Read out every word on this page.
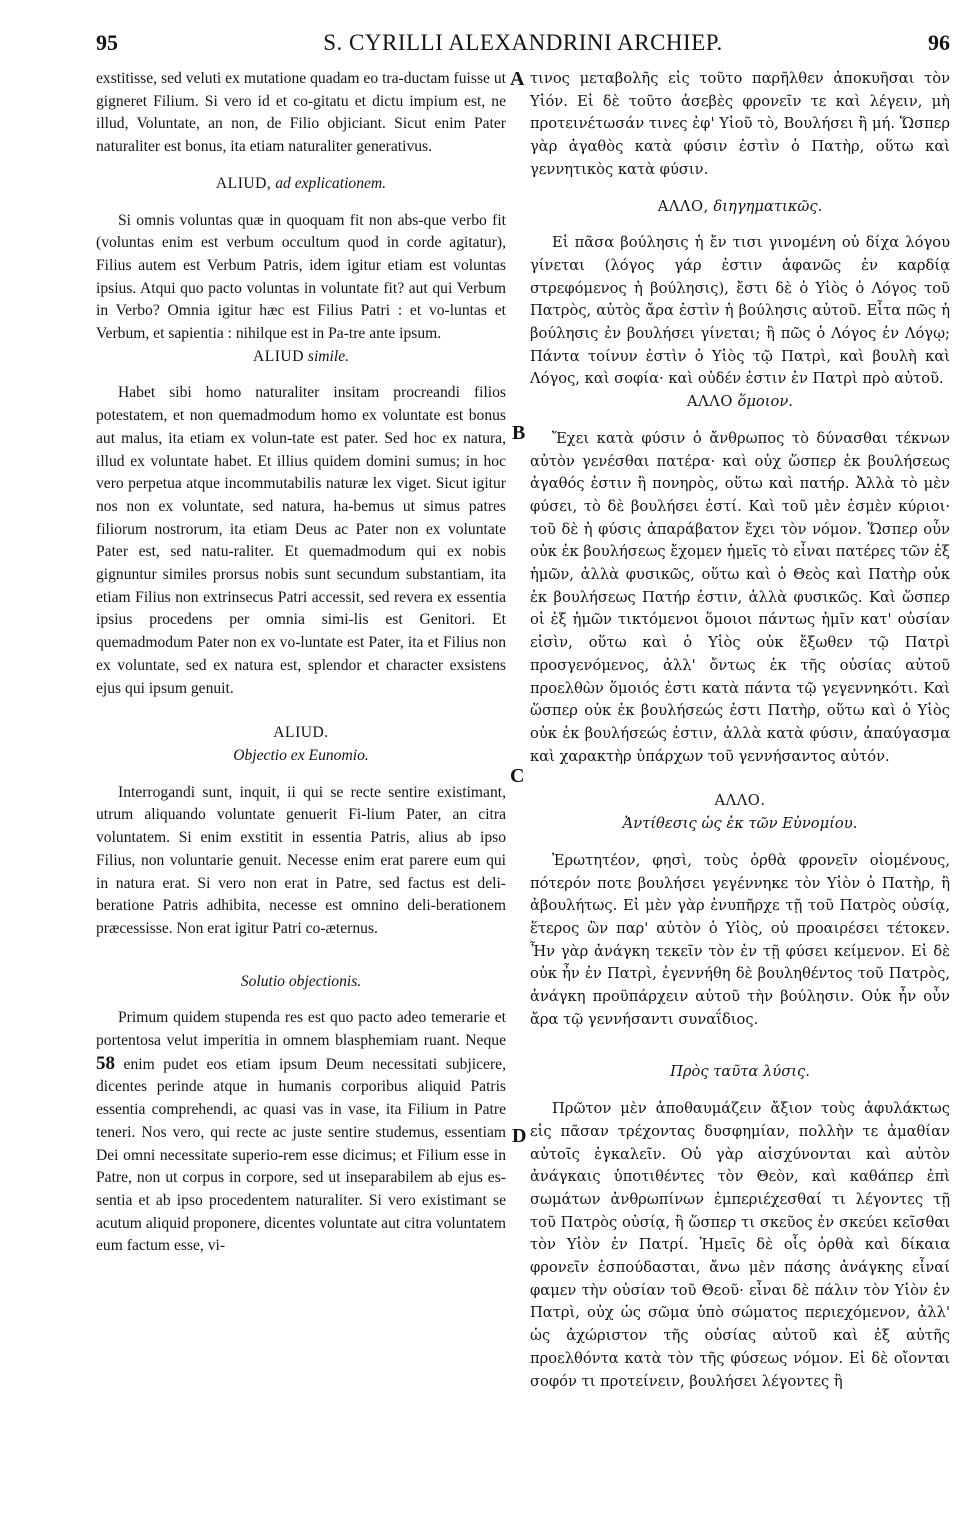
95	S. CYRILLI ALEXANDRINI ARCHIEP.	96
A
B
C
D

exstitisse, sed veluti ex mutatione quadam eo tra-ductam fuisse ut gigneret Filium. Si vero id et co-gitatu et dictu impium est, ne illud, Voluntate, an non, de Filio objiciant. Sicut enim Pater naturaliter est bonus, ita etiam naturaliter generativus.

ALIUD, ad explicationem.

Si omnis voluntas quæ in quoquam fit non abs-que verbo fit (voluntas enim est verbum occultum quod in corde agitatur), Filius autem est Verbum Patris, idem igitur etiam est voluntas ipsius. Atqui quo pacto voluntas in voluntate fit? aut qui Verbum in Verbo? Omnia igitur hæc est Filius Patri : et vo-luntas et Verbum, et sapientia : nihilque est in Pa-tre ante ipsum.

ALIUD simile.

Habet sibi homo naturaliter insitam procreandi filios potestatem, et non quemadmodum homo ex voluntate est bonus aut malus, ita etiam ex volun-tate est pater. Sed hoc ex natura, illud ex voluntate habet. Et illius quidem domini sumus; in hoc vero perpetua atque incommutabilis naturæ lex viget. Sicut igitur nos non ex voluntate, sed natura, ha-bemus ut simus patres filiorum nostrorum, ita etiam Deus ac Pater non ex voluntate Pater est, sed natu-raliter. Et quemadmodum qui ex nobis gignuntur similes prorsus nobis sunt secundum substantiam, ita etiam Filius non extrinsecus Patri accessit, sed revera ex essentia ipsius procedens per omnia simi-lis est Genitori. Et quemadmodum Pater non ex vo-luntate est Pater, ita et Filius non ex voluntate, sed ex natura est, splendor et character exsistens ejus qui ipsum genuit.

ALIUD.
Objectio ex Eunomio.

Interrogandi sunt, inquit, ii qui se recte sentire existimant, utrum aliquando voluntate genuerit Fi-lium Pater, an citra voluntatem. Si enim exstitit in essentia Patris, alius ab ipso Filius, non voluntarie genuit. Necesse enim erat parere eum qui in natura erat. Si vero non erat in Patre, sed factus est deli-beratione Patris adhibita, necesse est omnino deli-berationem præcessisse. Non erat igitur Patri co-æternus.

Solutio objectionis.

Primum quidem stupenda res est quo pacto adeo temerarie et portentosa velut imperitia in omnem blasphemiam ruant. Neque 58 enim pudet eos etiam ipsum Deum necessitati subjicere, dicentes perinde atque in humanis corporibus aliquid Patris essentia comprehendi, ac quasi vas in vase, ita Filium in Patre teneri. Nos vero, qui recte ac juste sentire studemus, essentiam Dei omni necessitate superio-rem esse dicimus; et Filium esse in Patre, non ut corpus in corpore, sed ut inseparabilem ab ejus es-sentia et ab ipso procedentem naturaliter. Si vero existimant se acutum aliquid proponere, dicentes voluntate aut citra voluntatem eum factum esse, vi-

τινος μεταβολῆς εἰς τοῦτο παρῆλθεν ἀποκυῆσαι τὸν Υἱόν. Εἰ δὲ τοῦτο ἀσεβὲς φρονεῖν τε καὶ λέγειν, μὴ προτεινέτωσάν τινες ἐφ' Υἱοῦ τὸ, Βουλήσει ἢ μή. Ὥσπερ γὰρ ἀγαθὸς κατὰ φύσιν ἐστὶν ὁ Πατὴρ, οὕτω καὶ γεννητικὸς κατὰ φύσιν.

ΑΛΛΟ, διηγηματικῶς.

Εἰ πᾶσα βούλησις ἡ ἔν τισι γινομένη οὐ δίχα λόγου γίνεται (λόγος γάρ ἐστιν ἀφανῶς ἐν καρδίᾳ στρεφόμενος ἡ βούλησις), ἔστι δὲ ὁ Υἱὸς ὁ Λόγος τοῦ Πατρὸς, αὐτὸς ἄρα ἐστὶν ἡ βούλησις αὐτοῦ. Εἶτα πῶς ἡ βούλησις ἐν βουλήσει γίνεται; ἢ πῶς ὁ Λόγος ἐν Λόγῳ; Πάντα τοίνυν ἐστὶν ὁ Υἱὸς τῷ Πατρὶ, καὶ βουλὴ καὶ Λόγος, καὶ σοφία· καὶ οὐδέν ἐστιν ἐν Πατρὶ πρὸ αὐτοῦ.

ΑΛΛΟ ὅμοιον.

Ἔχει κατὰ φύσιν ὁ ἄνθρωπος τὸ δύνασθαι τέκνων αὐτὸν γενέσθαι πατέρα· καὶ οὐχ ὥσπερ ἐκ βουλήσεως ἀγαθός ἐστιν ἢ πονηρὸς, οὕτω καὶ πατήρ. Ἀλλὰ τὸ μὲν φύσει, τὸ δὲ βουλήσει ἐστί. Καὶ τοῦ μὲν ἐσμὲν κύριοι· τοῦ δὲ ἡ φύσις ἀπαράβατον ἔχει τὸν νόμον. Ὥσπερ οὖν οὐκ ἐκ βουλήσεως ἔχομεν ἡμεῖς τὸ εἶναι πατέρες τῶν ἐξ ἡμῶν, ἀλλὰ φυσικῶς, οὕτω καὶ ὁ Θεὸς καὶ Πατὴρ οὐκ ἐκ βουλήσεως Πατήρ ἐστιν, ἀλλὰ φυσικῶς. Καὶ ὥσπερ οἱ ἐξ ἡμῶν τικτόμενοι ὅμοιοι πάντως ἡμῖν κατ' οὐσίαν εἰσὶν, οὕτω καὶ ὁ Υἱὸς οὐκ ἔξωθεν τῷ Πατρὶ προσγενόμενος, ἀλλ' ὄντως ἐκ τῆς οὐσίας αὐτοῦ προελθὼν ὅμοιός ἐστι κατὰ πάντα τῷ γεγεννηκότι. Καὶ ὥσπερ οὐκ ἐκ βουλήσεώς ἐστι Πατὴρ, οὕτω καὶ ὁ Υἱὸς οὐκ ἐκ βουλήσεώς ἐστιν, ἀλλὰ κατὰ φύσιν, ἀπαύγασμα καὶ χαρακτὴρ ὑπάρχων τοῦ γεννήσαντος αὐτόν.

ΑΛΛΟ.
Ἀντίθεσις ὡς ἐκ τῶν Εὐνομίου.

Ἐρωτητέον, φησὶ, τοὺς ὀρθὰ φρονεῖν οἰομένους, πότερόν ποτε βουλήσει γεγέννηκε τὸν Υἱὸν ὁ Πατὴρ, ἢ ἀβουλήτως. Εἰ μὲν γὰρ ἐνυπῆρχε τῇ τοῦ Πατρὸς οὐσίᾳ, ἕτερος ὢν παρ' αὐτὸν ὁ Υἱὸς, οὐ προαιρέσει τέτοκεν. Ἦν γὰρ ἀνάγκη τεκεῖν τὸν ἐν τῇ φύσει κείμενον. Εἰ δὲ οὐκ ἦν ἐν Πατρὶ, ἐγεννήθη δὲ βουληθέντος τοῦ Πατρὸς, ἀνάγκη προϋπάρχειν αὐτοῦ τὴν βούλησιν. Οὐκ ἦν οὖν ἄρα τῷ γεννήσαντι συναΐδιος.

Πρὸς ταῦτα λύσις.

Πρῶτον μὲν ἀποθαυμάζειν ἄξιον τοὺς ἀφυλάκτως εἰς πᾶσαν τρέχοντας δυσφημίαν, πολλὴν τε ἀμαθίαν αὐτοῖς ἐγκαλεῖν. Οὐ γὰρ αἰσχύνονται καὶ αὐτὸν ἀνάγκαις ὑποτιθέντες τὸν Θεὸν, καὶ καθάπερ ἐπὶ σωμάτων ἀνθρωπίνων ἐμπεριέχεσθαί τι λέγοντες τῇ τοῦ Πατρὸς οὐσίᾳ, ἢ ὥσπερ τι σκεῦος ἐν σκεύει κεῖσθαι τὸν Υἱὸν ἐν Πατρί. Ἡμεῖς δὲ οἷς ὀρθὰ καὶ δίκαια φρονεῖν ἐσπούδασται, ἄνω μὲν πάσης ἀνάγκης εἶναί φαμεν τὴν οὐσίαν τοῦ Θεοῦ· εἶναι δὲ πάλιν τὸν Υἱὸν ἐν Πατρὶ, οὐχ ὡς σῶμα ὑπὸ σώματος περιεχόμενον, ἀλλ' ὡς ἀχώριστον τῆς οὐσίας αὐτοῦ καὶ ἐξ αὐτῆς προελθόντα κατὰ τὸν τῆς φύσεως νόμον. Εἰ δὲ οἴονται σοφόν τι προτείνειν, βουλήσει λέγοντες ἢ
